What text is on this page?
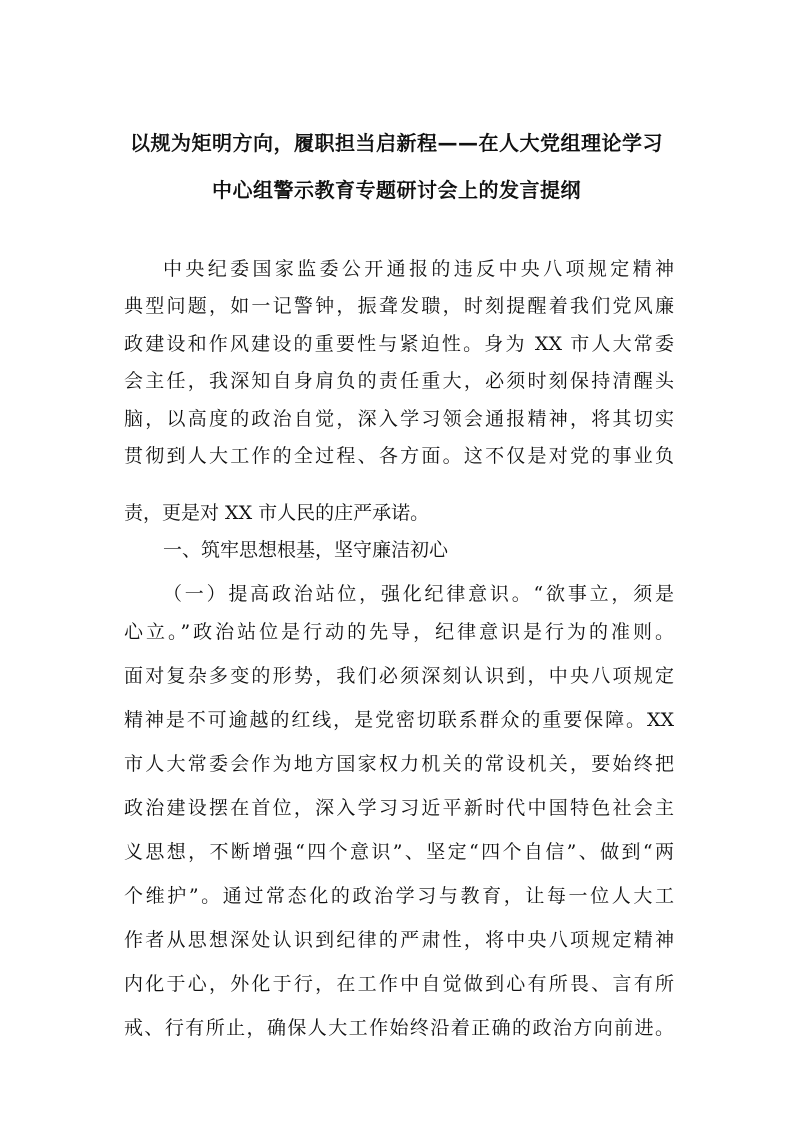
以规为矩明方向，履职担当启新程——在人大党组理论学习
中心组警示教育专题研讨会上的发言提纲
中央纪委国家监委公开通报的违反中央八项规定精神
典型问题，如一记警钟，振聋发聩，时刻提醒着我们党风廉
政建设和作风建设的重要性与紧迫性。身为 XX 市人大常委
会主任，我深知自身肩负的责任重大，必须时刻保持清醒头
脑，以高度的政治自觉，深入学习领会通报精神，将其切实
贯彻到人大工作的全过程、各方面。这不仅是对党的事业负
责，更是对 XX 市人民的庄严承诺。
一、筑牢思想根基，坚守廉洁初心
（一）提高政治站位，强化纪律意识。“欲事立，须是
心立。”政治站位是行动的先导，纪律意识是行为的准则。
面对复杂多变的形势，我们必须深刻认识到，中央八项规定
精神是不可逾越的红线，是党密切联系群众的重要保障。XX
市人大常委会作为地方国家权力机关的常设机关，要始终把
政治建设摆在首位，深入学习习近平新时代中国特色社会主
义思想，不断增强“四个意识”、坚定“四个自信”、做到“两
个维护”。通过常态化的政治学习与教育，让每一位人大工
作者从思想深处认识到纪律的严肃性，将中央八项规定精神
内化于心，外化于行，在工作中自觉做到心有所畏、言有所
戒、行有所止，确保人大工作始终沿着正确的政治方向前进。
